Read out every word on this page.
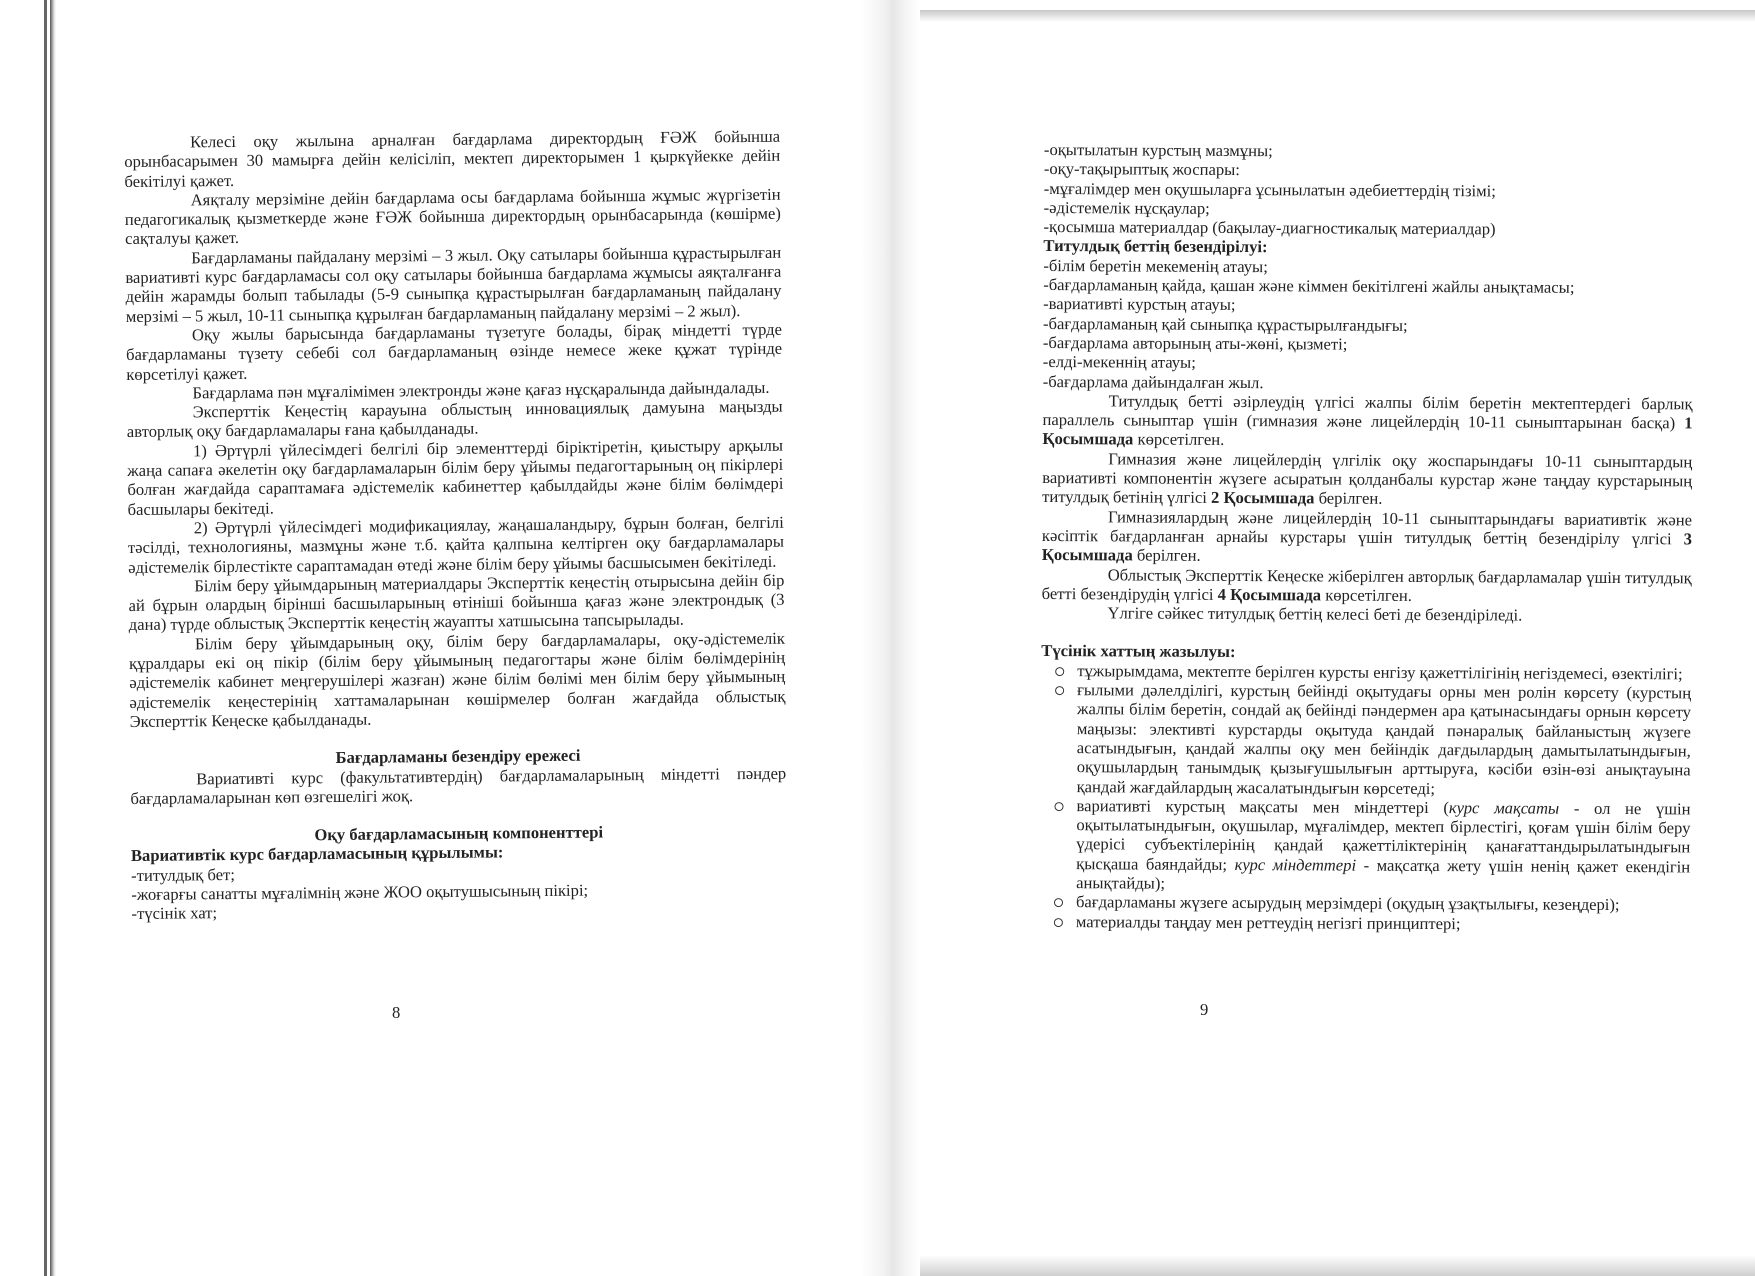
Келесі оқу жылына арналған бағдарлама директордың ҒӘЖ бойынша орынбасарымен 30 мамырға дейін келісіліп, мектеп директорымен 1 қыркүйекке дейін бекітілуі қажет.

Аяқталу мерзіміне дейін бағдарлама осы бағдарлама бойынша жұмыс жүргізетін педагогикалық қызметкерде және ҒӘЖ бойынша директордың орынбасарында (көшірме) сақталуы қажет.

Бағдарламаны пайдалану мерзімі – 3 жыл. Оқу сатылары бойынша құрастырылған вариативті курс бағдарламасы сол оқу сатылары бойынша бағдарлама жұмысы аяқталғанға дейін жарамды болып табылады (5-9 сыныпқа құрастырылған бағдарламаның пайдалану мерзімі – 5 жыл, 10-11 сыныпқа құрылған бағдарламаның пайдалану мерзімі – 2 жыл).

Оқу жылы барысында бағдарламаны түзетуге болады, бірақ міндетті түрде бағдарламаны түзету себебі сол бағдарламаның өзінде немесе жеке құжат түрінде көрсетілуі қажет.

Бағдарлама пән мұғалімімен электронды және қағаз нұсқаралында дайындалады.

Эксперттік Кеңестің карауына облыстың инновациялық дамуына маңызды авторлық оқу бағдарламалары ғана қабылданады.

1) Әртүрлі үйлесімдегі белгілі бір элементтерді біріктіретін, қиыстыру арқылы жаңа сапаға әкелетін оқу бағдарламаларын білім беру ұйымы педагогтарының оң пікірлері болған жағдайда сараптамаға әдістемелік кабинеттер қабылдайды және білім бөлімдерi басшылары бекітеді.

2) Әртүрлі үйлесімдегі модификациялау, жаңашаландыру, бұрын болған, белгілі тәсілді, технологияны, мазмұны және т.б. қайта қалпына келтірген оқу бағдарламалары әдістемелік бірлестікте сараптамадан өтеді және білім беру ұйымы басшысымен бекітіледі.

Білім беру ұйымдарының материалдары Эксперттік кеңестің отырысына дейін бір ай бұрын олардың бірінші басшыларының өтініші бойынша қағаз және электрондық (3 дана) түрде облыстық Эксперттік кеңестің жауапты хатшысына тапсырылады.

Білім беру ұйымдарының оқу, білім беру бағдарламалары, оқу-әдістемелік құралдары екі оң пікір (білім беру ұйымының педагогтары және білім бөлімдерінің әдістемелік кабинет меңгерушілері жазған) және білім бөлімі мен білім беру ұйымының әдістемелік кеңестерінің хаттамаларынан көшірмелер болған жағдайда облыстық Эксперттік Кеңеске қабылданады.

Бағдарламаны безендіру ережесі

Вариативті курс (факультативтердің) бағдарламаларының міндетті пәндер бағдарламаларынан көп өзгешелігі жоқ.

Оқу бағдарламасының компоненттері

Вариативтік курс бағдарламасының құрылымы:

-титулдық бет;

-жоғарғы санатты мұғалімнің және ЖОО оқытушысының пікірі;

-түсінік хат;

8

-оқытылатын курстың мазмұны;

-оқу-тақырыптық жоспары:

-мұғалімдер мен оқушыларға ұсынылатын әдебиеттердің тізімі;

-әдістемелік нұсқаулар;

-қосымша материалдар (бақылау-диагностикалық материалдар)

Титулдық беттің безендірілуі:

-білім беретін мекеменің атауы;

-бағдарламаның қайда, қашан және кіммен бекітілгені жайлы анықтамасы;

-вариативті курстың атауы;

-бағдарламаның қай сыныпқа құрастырылғандығы;

-бағдарлама авторының аты-жөні, қызметі;

-елді-мекеннің атауы;

-бағдарлама дайындалған жыл.

Титулдық бетті әзірлеудің үлгісі жалпы білім беретін мектептердегі барлық параллель сыныптар үшін (гимназия және лицейлердің 10-11 сыныптарынан басқа) 1 Қосымшада көрсетілген.

Гимназия және лицейлердің үлгілік оқу жоспарындағы 10-11 сыныптардың вариативті компонентін жүзеге асыратын қолданбалы курстар және таңдау курстарының титулдық бетінің үлгісі 2 Қосымшада берілген.

Гимназиялардың және лицейлердің 10-11 сыныптарындағы вариативтік және кәсіптік бағдарланған арнайы курстары үшін титулдық беттің безендірілу үлгісі 3 Қосымшада берілген.

Облыстық Эксперттік Кеңеске жіберілген авторлық бағдарламалар үшін титулдық бетті безендірудің үлгісі 4 Қосымшада көрсетілген.

Үлгіге сәйкес титулдық беттің келесі беті де безендіріледі.

Түсінік хаттың жазылуы:

тұжырымдама, мектепте берілген курсты енгізу қажеттілігінің негіздемесі, өзектілігі;
ғылыми дәлелділігі, курстың бейінді оқытудағы орны мен ролін көрсету (курстың жалпы білім беретін, сондай ақ бейінді пәндермен ара қатынасындағы орнын көрсету маңызы: элективті курстарды оқытуда қандай пәнаралық байланыстың жүзеге асатындығын, қандай жалпы оқу мен бейіндік дағдылардың дамытылатындығын, оқушылардың танымдық қызығушылығын арттыруға, кәсіби өзін-өзі анықтауына қандай жағдайлардың жасалатындығын көрсетеді;
вариативті курстың мақсаты мен міндеттері (курс мақсаты - ол не үшін оқытылатындығын, оқушылар, мұғалімдер, мектеп бірлестігі, қоғам үшін білім беру үдерісі субъектілерінің қандай қажеттіліктерінің қанағаттандырылатындығын қысқаша баяндайды; курс міндеттері - мақсатқа жету үшін ненің қажет екендігін анықтайды);
бағдарламаны жүзеге асырудың мерзімдері (оқудың ұзақтылығы, кезеңдері);
материалды таңдау мен реттеудің негізгі принциптері;
9
